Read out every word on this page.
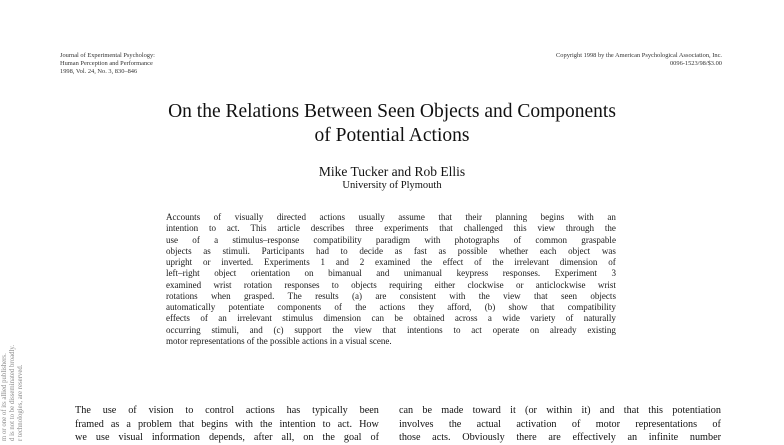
Journal of Experimental Psychology:
Human Perception and Performance
1998, Vol. 24, No. 3, 830–846
Copyright 1998 by the American Psychological Association, Inc.
0096-1523/98/$3.00
On the Relations Between Seen Objects and Components
of Potential Actions
Mike Tucker and Rob Ellis
University of Plymouth
Accounts of visually directed actions usually assume that their planning begins with an
intention to act. This article describes three experiments that challenged this view through the
use of a stimulus–response compatibility paradigm with photographs of common graspable
objects as stimuli. Participants had to decide as fast as possible whether each object was
upright or inverted. Experiments 1 and 2 examined the effect of the irrelevant dimension of
left–right object orientation on bimanual and unimanual keypress responses. Experiment 3
examined wrist rotation responses to objects requiring either clockwise or anticlockwise wrist
rotations when grasped. The results (a) are consistent with the view that seen objects
automatically potentiate components of the actions they afford, (b) show that compatibility
effects of an irrelevant stimulus dimension can be obtained across a wide variety of naturally
occurring stimuli, and (c) support the view that intentions to act operate on already existing
motor representations of the possible actions in a visual scene.
The use of vision to control actions has typically been
framed as a problem that begins with the intention to act. How
we use visual information depends, after all, on the goal of
can be made toward it (or within it) and that this potentiation
involves the actual activation of motor representations of
those acts. Obviously there are effectively an infinite number
m or one of its allied publishers. d is not to be disseminated broadly. r technologies, are reserved.
